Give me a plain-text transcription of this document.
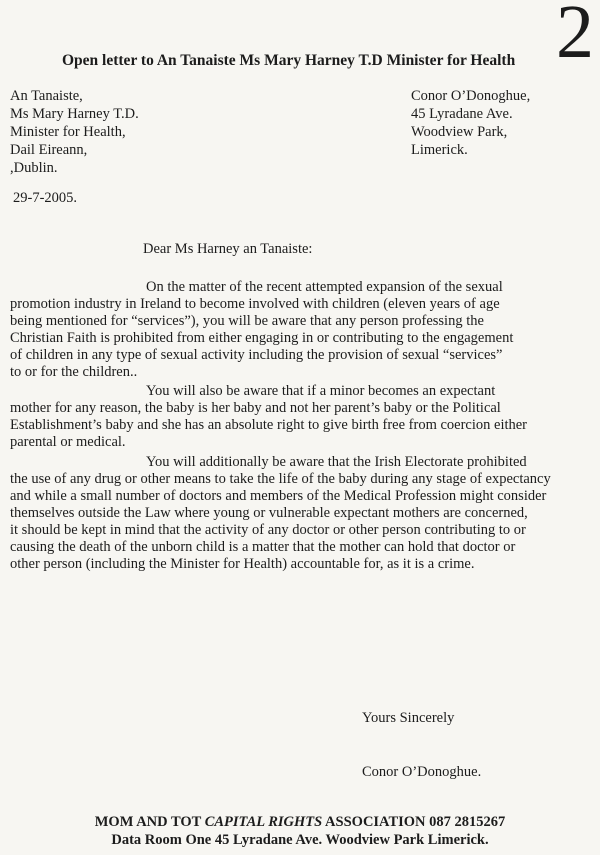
2
Open letter to An Tanaiste Ms Mary Harney T.D Minister for Health
An Tanaiste,
Ms Mary Harney T.D.
Minister for Health,
Dail Eireann,
,Dublin.
Conor O’Donoghue,
45 Lyradane Ave.
Woodview Park,
Limerick.
29-7-2005.
Dear Ms Harney an Tanaiste:
On the matter of the recent attempted expansion of the sexual
promotion industry in Ireland to become involved with children (eleven years of age
being mentioned for “services”), you will be aware that any person professing the
Christian Faith is prohibited from either engaging in or contributing to the engagement
of children in any type of sexual activity including the provision of sexual “services”
to or for the children..
You will also be aware that if a minor becomes an expectant
mother for any reason, the baby is her baby and not her parent’s baby or the Political
Establishment’s baby and she has an absolute right to give birth free from coercion either
parental or medical.
You will additionally be aware that the Irish Electorate prohibited
the use of any drug or other means to take the life of the baby during any stage of expectancy
and while a small number of doctors and members of the Medical Profession might consider
themselves outside the Law where young or vulnerable expectant mothers are concerned,
it should be kept in mind that the activity of any doctor or other person contributing to or
causing the death of the unborn child is a matter that the mother can hold that doctor or
other person (including the Minister for Health) accountable for, as it is a crime.
Yours Sincerely
Conor O’Donoghue.
MOM AND TOT CAPITAL RIGHTS ASSOCIATION 087 2815267
Data Room One 45 Lyradane Ave. Woodview Park Limerick.
